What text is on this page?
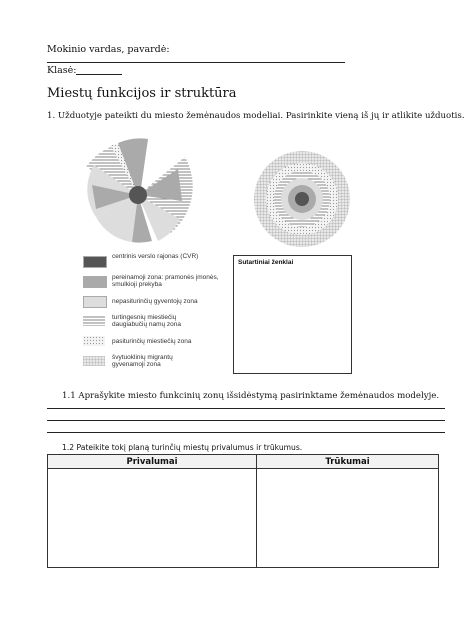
Mokinio vardas, pavardė:
Klasė:
Miestų funkcijos ir struktūra
1. Užduotyje pateikti du miesto žemėnaudos modeliai. Pasirinkite vieną iš jų ir atlikite užduotis.
centrinis verslo rajonas (CVR)
pereinamoji zona: pramonės įmonės, smulkioji prekyba
nepasiturinčių gyventojų zona
turtingesnių miestiečių daugiabučių namų zona
pasiturinčių miestiečių zona
švytuoklinių migrantų gyvenamoji zona
Sutartiniai ženklai
1.1 Aprašykite miesto funkcinių zonų išsidėstymą pasirinktame žemėnaudos modelyje.
1.2 Pateikite tokį planą turinčių miestų privalumus ir trūkumus.
Privalumai	Trūkumai
